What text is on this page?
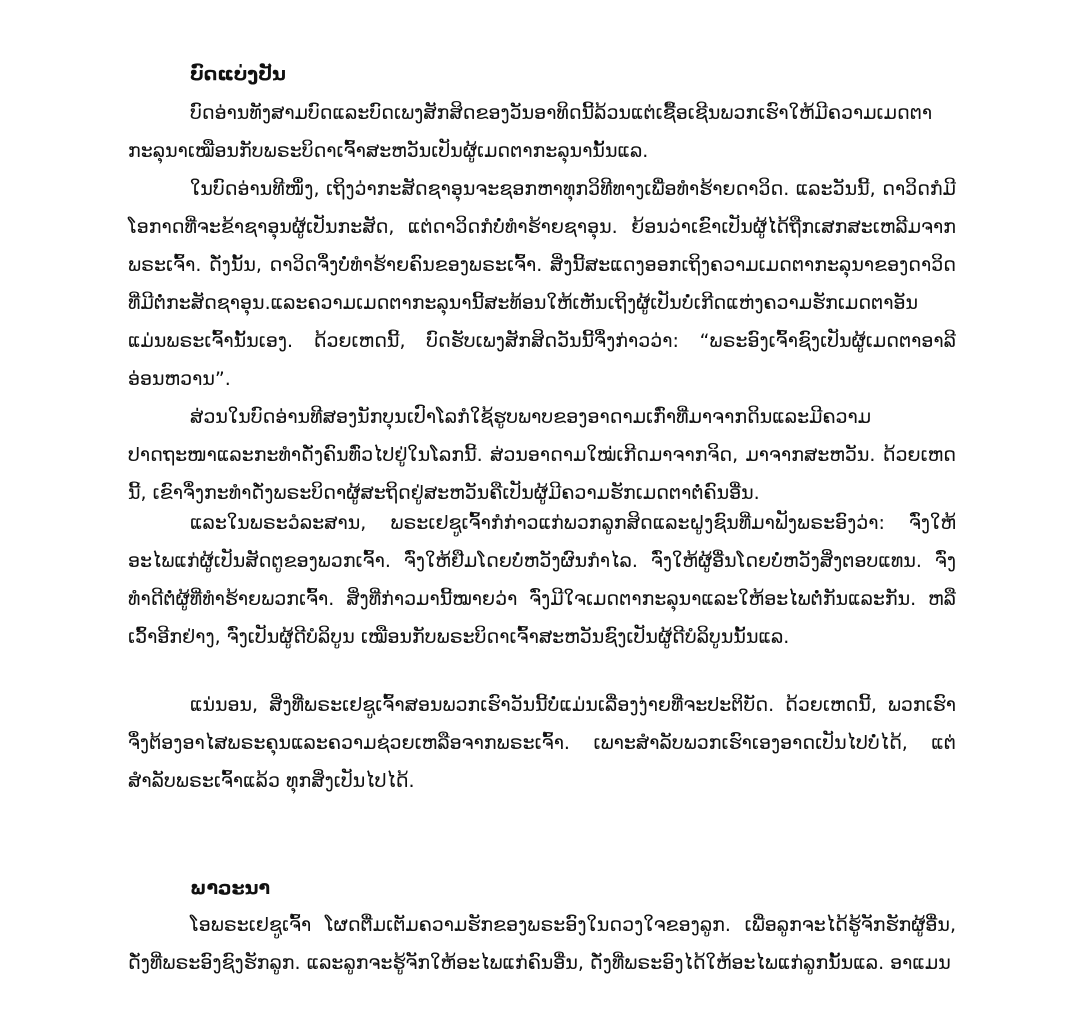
ບົດແບ່ງປັນ

ບົດອ່ານທັງສາມບົດແລະບົດເພງສັກສິດຂອງວັນອາທິດນີ້ລ້ວນແຕ່ເຊື້ອເຊີນພວກເຮົາໃຫ້ມີຄວາມເມດຕາກະລຸນາເໝືອນກັບພຣະບິດາເຈົ້າສະຫວັນເປັນຜູ້ເມດຕາກະລຸນານັ້ນແລ.

ໃນບົດອ່ານທີໜຶ່ງ, ເຖິງວ່າກະສັດຊາອຸນຈະຊອກຫາທຸກວິທີທາງເພື່ອທຳຮ້າຍດາວິດ. ແລະວັນນີ້, ດາວິດກໍມີໂອກາດທີ່ຈະຂ້າຊາອຸນຜູ້ເປັນກະສັດ, ແຕ່ດາວິດກໍບໍ່ທຳຮ້າຍຊາອຸນ. ຍ້ອນວ່າເຂົາເປັນຜູ້ໄດ້ຖືກເສກສະເຫລີມຈາກພຣະເຈົ້າ. ດັ່ງນັ້ນ, ດາວິດຈຶ່ງບໍ່ທຳຮ້າຍຄົນຂອງພຣະເຈົ້າ. ສິ່ງນີ້ສະແດງອອກເຖິງຄວາມເມດຕາກະລຸນາຂອງດາວິດທີ່ມີຕໍ່ກະສັດຊາອຸນ.ແລະຄວາມເມດຕາກະລຸນານີ້ສະທ້ອນໃຫ້ເຫັນເຖິງຜູ້ເປັນບໍ່ເກີດແຫ່ງຄວາມຮັກເມດຕາອັນແມ່ນພຣະເຈົ້ານັ້ນເອງ. ດ້ວຍເຫດນີ້, ບົດຮັບເພງສັກສິດວັນນີ້ຈຶ່ງກ່າວວ່າ: “ພຣະອົງເຈົ້າຊົງເປັນຜູ້ເມດຕາອາລີອ່ອນຫວານ”.

ສ່ວນໃນບົດອ່ານທີສອງນັກບຸນເປົາໂລກໍໃຊ້ຮູບພາບຂອງອາດາມເກົ່າທີ່ມາຈາກດິນແລະມີຄວາມປາດຖະໜາແລະກະທຳດັ່ງຄົນທົ່ວໄປຢູ່ໃນໂລກນີ້. ສ່ວນອາດາມໃໝ່ເກີດມາຈາກຈິດ, ມາຈາກສະຫວັນ. ດ້ວຍເຫດນີ້, ເຂົາຈຶ່ງກະທຳດັ່ງພຣະບິດາຜູ້ສະຖິດຢູ່ສະຫວັນຄືເປັນຜູ້ມີຄວາມຮັກເມດຕາຕໍ່ຄົນອື່ນ.

ແລະໃນພຣະວໍລະສານ, ພຣະເຢຊູເຈົ້າກໍກ່າວແກ່ພວກລູກສິດແລະຝູງຊົນທີ່ມາຟັງພຣະອົງວ່າ: ຈົ່ງໃຫ້ອະໄພແກ່ຜູ້ເປັນສັດຕູຂອງພວກເຈົ້າ. ຈົ່ງໃຫ້ຢືມໂດຍບໍ່ຫວັງຜົນກຳໄລ. ຈົ່ງໃຫ້ຜູ້ອື່ນໂດຍບໍ່ຫວັງສິ່ງຕອບແທນ. ຈົ່ງທຳດີຕໍ່ຜູ້ທີ່ທຳຮ້າຍພວກເຈົ້າ. ສິ່ງທີ່ກ່າວມານີ້ໝາຍວ່າ ຈົ່ງມີໃຈເມດຕາກະລຸນາແລະໃຫ້ອະໄພຕໍ່ກັນແລະກັນ. ຫລືເວົ້າອີກຢ່າງ, ຈົ່ງເປັນຜູ້ດີບໍລິບູນ ເໝືອນກັບພຣະບິດາເຈົ້າສະຫວັນຊົງເປັນຜູ້ດີບໍລິບູນນັ້ນແລ.

ແນ່ນອນ, ສິ່ງທີ່ພຣະເຢຊູເຈົ້າສອນພວກເຮົາວັນນີ້ບໍ່ແມ່ນເລື່ອງງ່າຍທີ່ຈະປະຕິບັດ. ດ້ວຍເຫດນີ້, ພວກເຮົາຈຶ່ງຕ້ອງອາໄສພຣະຄຸນແລະຄວາມຊ່ວຍເຫລືອຈາກພຣະເຈົ້າ. ເພາະສຳລັບພວກເຮົາເອງອາດເປັນໄປບໍ່ໄດ້, ແຕ່ສຳລັບພຣະເຈົ້າແລ້ວ ທຸກສິ່ງເປັນໄປໄດ້.

ພາວະນາ

ໂອພຣະເຢຊູເຈົ້າ ໂຜດຕື່ມເຕັມຄວາມຮັກຂອງພຣະອົງໃນດວງໃຈຂອງລູກ. ເພື່ອລູກຈະໄດ້ຮູ້ຈັກຮັກຜູ້ອື່ນ, ດັ່ງທີ່ພຣະອົງຊົງຮັກລູກ. ແລະລູກຈະຮູ້ຈັກໃຫ້ອະໄພແກ່ຄົນອື່ນ, ດັ່ງທີ່ພຣະອົງໄດ້ໃຫ້ອະໄພແກ່ລູກນັ້ນແລ. ອາແມນ
